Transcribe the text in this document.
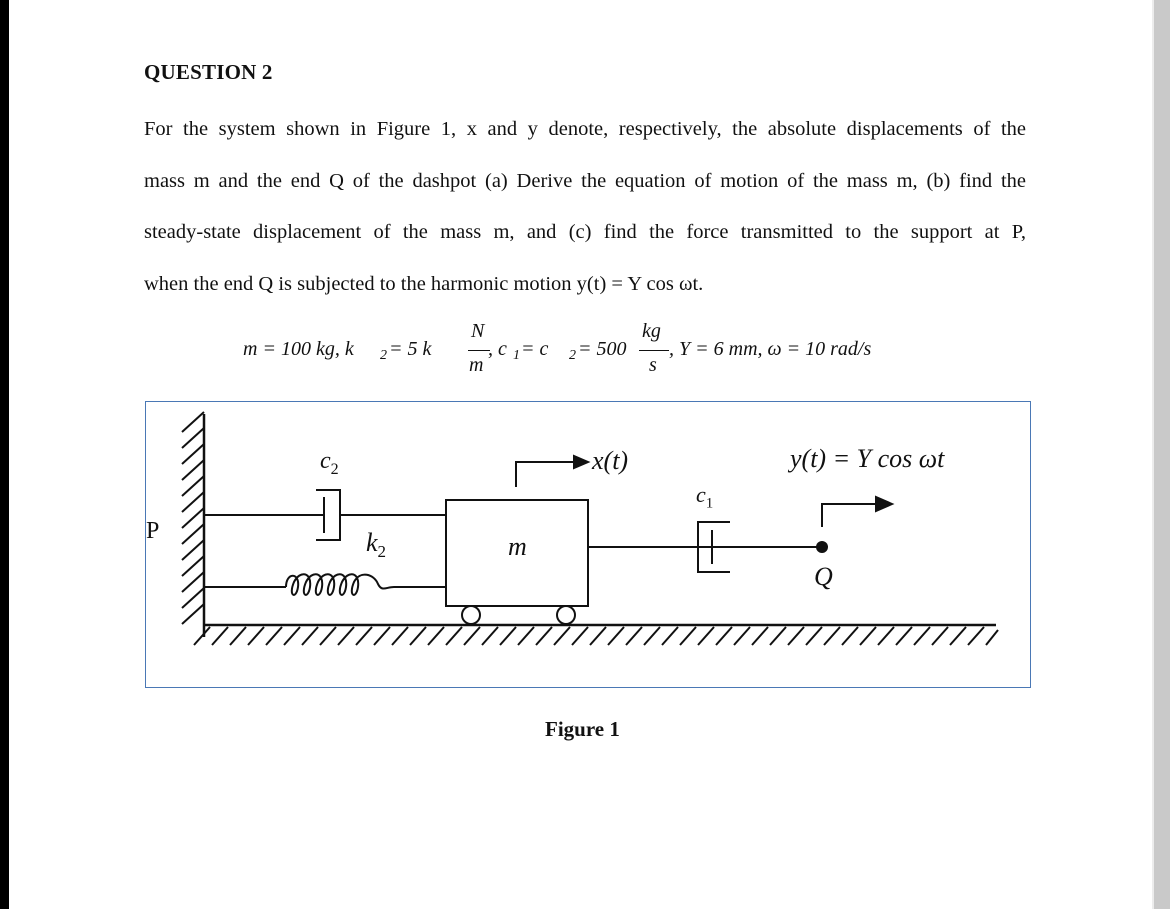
QUESTION 2
For the system shown in Figure 1, x and y denote, respectively, the absolute displacements of the
mass m and the end Q of the dashpot (a) Derive the equation of motion of the mass m, (b) find the
steady-state displacement of the mass m, and (c) find the force transmitted to the support at P,
when the end Q is subjected to the harmonic motion y(t) = Y cos ωt.
m = 100 kg, k 2 = 5 k
N
m
, c 1 = c 2 = 500
kg
s
, Y = 6 mm, ω = 10 rad/s
P
$c_2$
$k_2$	m
x(t)
$c_1$
Q
y(t) = Y cos ωt
Figure 1
